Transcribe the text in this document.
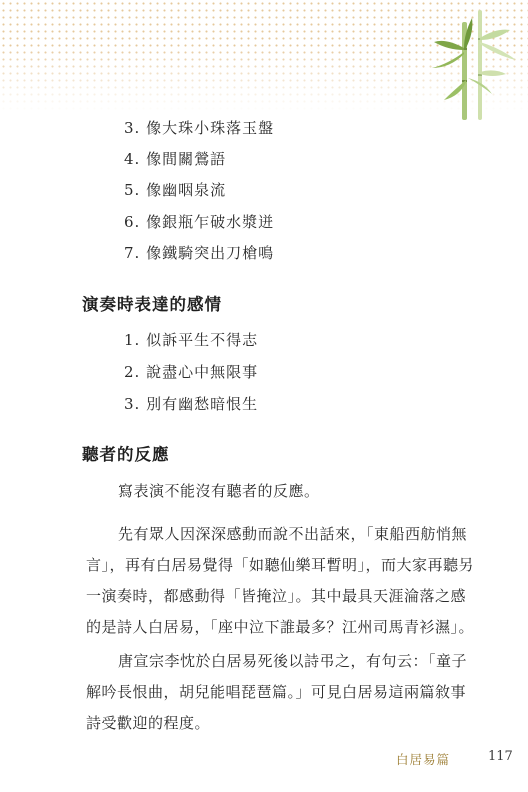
3. 像大珠小珠落玉盤
4. 像間關鶯語
5. 像幽咽泉流
6. 像銀瓶乍破水漿迸
7. 像鐵騎突出刀槍鳴
演奏時表達的感情
1. 似訴平生不得志
2. 說盡心中無限事
3. 別有幽愁暗恨生
聽者的反應
寫表演不能沒有聽者的反應。
先有眾人因深深感動而說不出話來，「東船西舫悄無
言」，再有白居易覺得「如聽仙樂耳暫明」，而大家再聽另
一演奏時，都感動得「皆掩泣」。其中最具天涯淪落之感
的是詩人白居易，「座中泣下誰最多？江州司馬青衫濕」。
唐宣宗李忱於白居易死後以詩弔之，有句云：「童子
解吟長恨曲，胡兒能唱琵琶篇。」可見白居易這兩篇敘事
詩受歡迎的程度。
白居易篇	117
